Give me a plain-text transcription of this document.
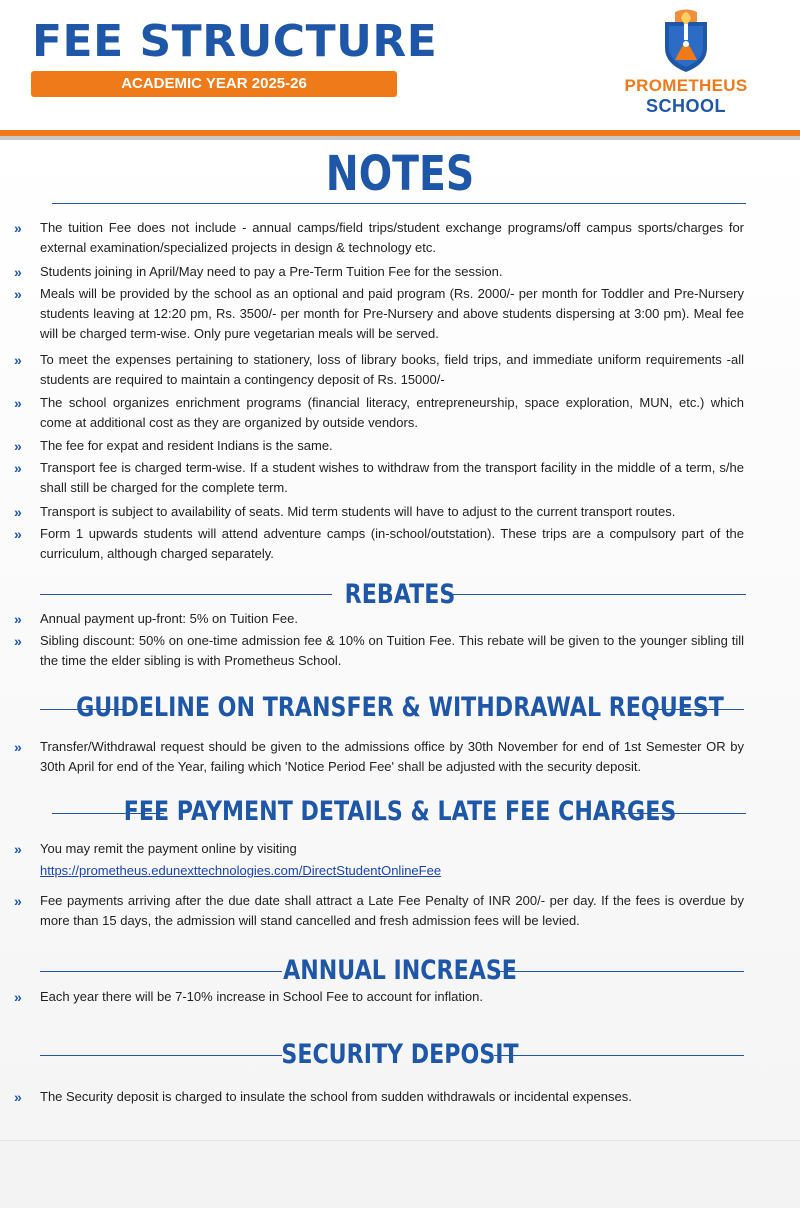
FEE STRUCTURE
ACADEMIC YEAR 2025-26	PROMETHEUS
SCHOOL
NOTES
» The tuition Fee does not include - annual camps/field trips/student exchange programs/off campus sports/charges for external examination/specialized projects in design & technology etc.
» Students joining in April/May need to pay a Pre-Term Tuition Fee for the session.
» Meals will be provided by the school as an optional and paid program (Rs. 2000/- per month for Toddler and Pre-Nursery students leaving at 12:20 pm, Rs. 3500/- per month for Pre-Nursery and above students dispersing at 3:00 pm). Meal fee will be charged term-wise. Only pure vegetarian meals will be served.
» To meet the expenses pertaining to stationery, loss of library books, field trips, and immediate uniform requirements -all students are required to maintain a contingency deposit of Rs. 15000/-
» The school organizes enrichment programs (financial literacy, entrepreneurship, space exploration, MUN, etc.) which come at additional cost as they are organized by outside vendors.
» The fee for expat and resident Indians is the same.
» Transport fee is charged term-wise. If a student wishes to withdraw from the transport facility in the middle of a term, s/he shall still be charged for the complete term.
» Transport is subject to availability of seats. Mid term students will have to adjust to the current transport routes.
» Form 1 upwards students will attend adventure camps (in-school/outstation). These trips are a compulsory part of the curriculum, although charged separately.
REBATES
» Annual payment up-front: 5% on Tuition Fee.
» Sibling discount: 50% on one-time admission fee & 10% on Tuition Fee. This rebate will be given to the younger sibling till the time the elder sibling is with Prometheus School.
GUIDELINE ON TRANSFER & WITHDRAWAL REQUEST
» Transfer/Withdrawal request should be given to the admissions office by 30th November for end of 1st Semester OR by 30th April for end of the Year, failing which 'Notice Period Fee' shall be adjusted with the security deposit.
FEE PAYMENT DETAILS & LATE FEE CHARGES
» You may remit the payment online by visiting
https://prometheus.edunexttechnologies.com/DirectStudentOnlineFee
» Fee payments arriving after the due date shall attract a Late Fee Penalty of INR 200/- per day. If the fees is overdue by more than 15 days, the admission will stand cancelled and fresh admission fees will be levied.
ANNUAL INCREASE
» Each year there will be 7-10% increase in School Fee to account for inflation.
SECURITY DEPOSIT
» The Security deposit is charged to insulate the school from sudden withdrawals or incidental expenses.
